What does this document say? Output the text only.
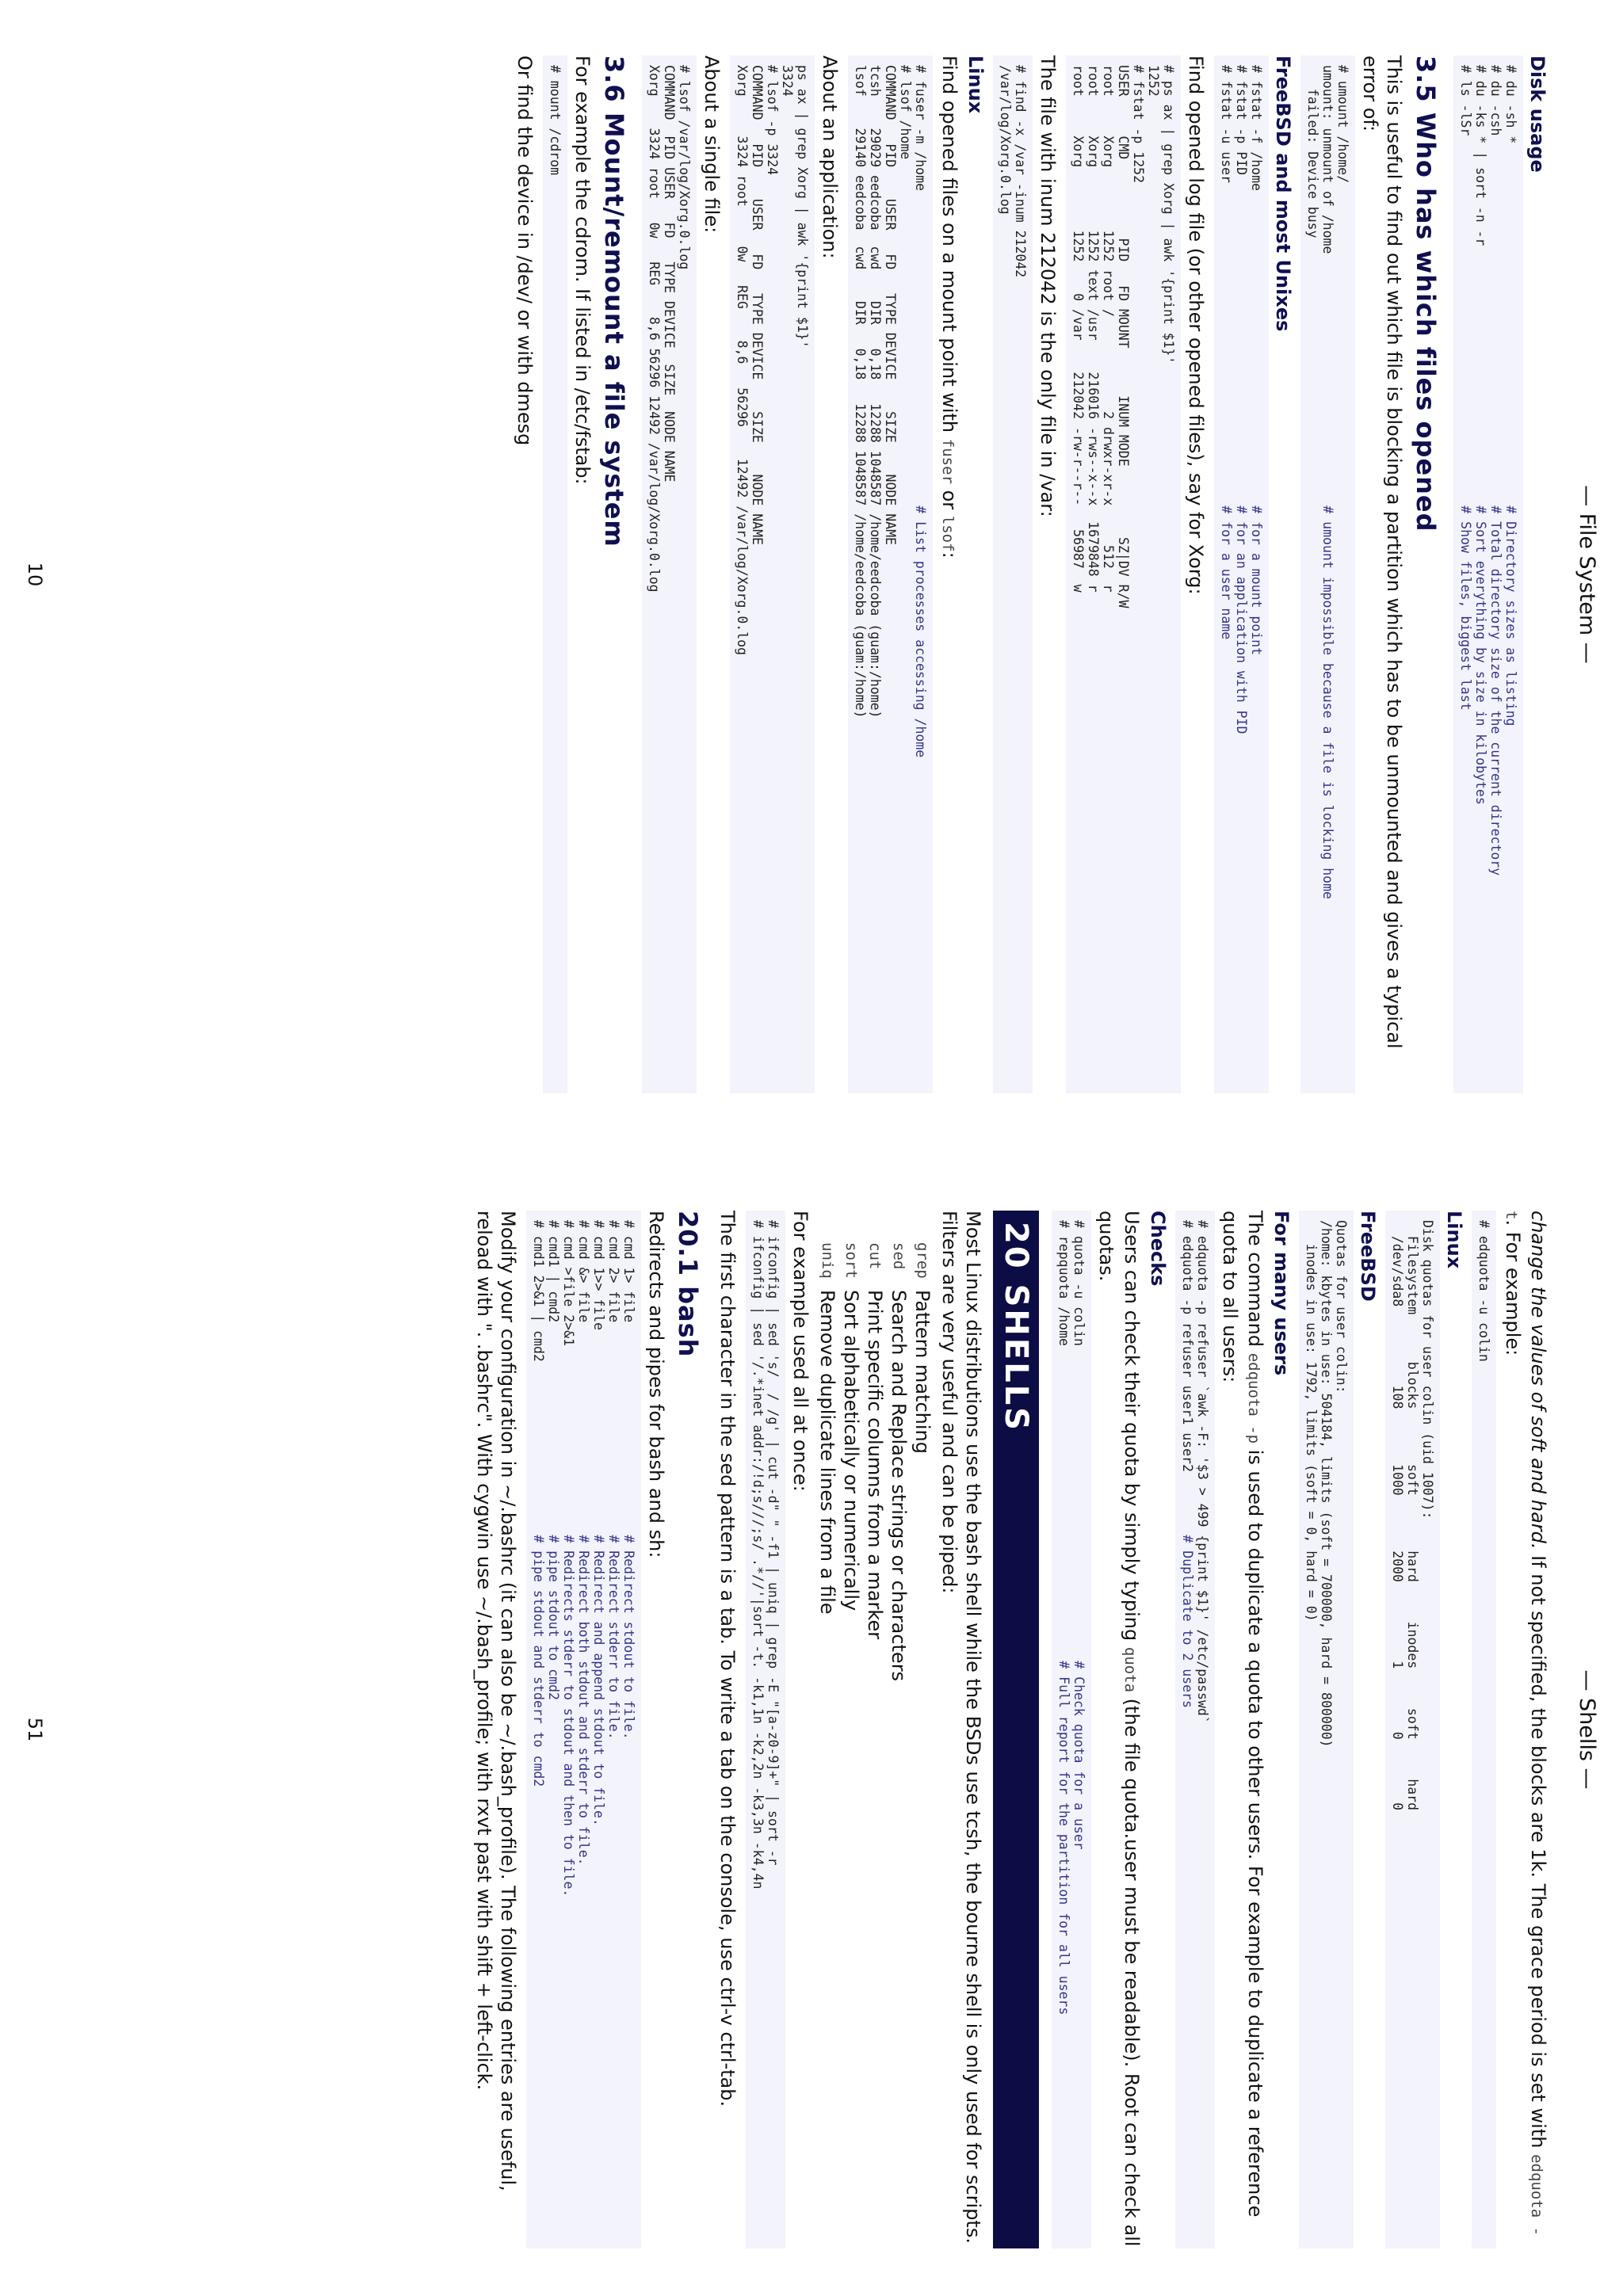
— File System —
Disk usage
# du -sh *                                              # Directory sizes as listing
# du -csh                                               # Total directory size of the current directory
# du -ks * | sort -n -r                                 # Sort everything by size in kilobytes
# ls -lSr                                               # Show files, biggest last
3.5 Who has which files opened

This is useful to find out which file is blocking a partition which has to be unmounted and gives a typical error of:

# umount /home/
umount: unmount of /home                                # umount impossible because a file is locking home
failed: Device busy
FreeBSD and most Unixes
# fstat -f /home                                        # for a mount point
# fstat -p PID                                          # for an application with PID
# fstat -u user                                         # for a user name

Find opened log file (or other opened files), say for Xorg:

# ps ax | grep Xorg | awk '{print $1}'
1252
# fstat -p 1252
USER     CMD          PID   FD MOUNT      INUM MODE         SZ|DV R/W
root     Xorg        1252 root /            2 drwxr-xr-x     512  r
root     Xorg        1252 text /usr    216016 -rws--x--x  1679848 r
root     Xorg        1252    0 /var    212042 -rw-r--r--   56987  w

The file with inum 212042 is the only file in /var:

# find -x /var -inum 212042
/var/log/Xorg.0.log
Linux

Find opened files on a mount point with fuser or lsof:

# fuser -m /home                                        # List processes accessing /home
# lsof /home
COMMAND   PID    USER   FD   TYPE DEVICE    SIZE    NODE NAME
tcsh    29029 eedcoba  cwd    DIR   0,18   12288 1048587 /home/eedcoba (guam:/home)
lsof    29140 eedcoba  cwd    DIR   0,18   12288 1048587 /home/eedcoba (guam:/home)

About an application:

ps ax | grep Xorg | awk '{print $1}'
3324
# lsof -p 3324
COMMAND   PID    USER   FD   TYPE DEVICE    SIZE    NODE NAME
Xorg     3324 root     0w   REG    8,6   56296    12492 /var/log/Xorg.0.log

About a single file:

# lsof /var/log/Xorg.0.log
COMMAND  PID USER   FD   TYPE DEVICE  SIZE  NODE NAME
Xorg    3324 root   0w   REG    8,6 56296 12492 /var/log/Xorg.0.log
3.6 Mount/remount a file system

For example the cdrom. If listed in /etc/fstab:

# mount /cdrom

Or find the device in /dev/ or with dmesg

10
— Shells —

change the values of soft and hard. If not specified, the blocks are 1k. The grace period is set with edquota -t. For example:

# edquota -u colin
Linux
Disk quotas for user colin (uid 1007):
Filesystem      blocks       soft       hard     inodes     soft     hard
/dev/sda8          108       1000       2000          1        0        0
FreeBSD
Quotas for user colin:
/home: kbytes in use: 504184, limits (soft = 700000, hard = 800000)
inodes in use: 1792, limits (soft = 0, hard = 0)
For many users

The command edquota -p is used to duplicate a quota to other users. For example to duplicate a reference quota to all users:

# edquota -p refuser `awk -F: '$3 > 499 {print $1}' /etc/passwd`
# edquota -p refuser user1 user2        # Duplicate to 2 users
Checks

Users can check their quota by simply typing quota (the file quota.user must be readable). Root can check all quotas.

# quota -u colin                                        # Check quota for a user
# repquota /home                                        # Full report for the partition for all users
20 SHELLS

Most Linux distributions use the bash shell while the BSDs use tcsh, the bourne shell is only used for scripts. Filters are very useful and can be piped:

grep
Pattern matching
sed
Search and Replace strings or characters
cut
Print specific columns from a marker
sort
Sort alphabetically or numerically
uniq
Remove duplicate lines from a file

For example used all at once:

# ifconfig | sed 's/  / /g' | cut -d" " -f1 | uniq | grep -E "[a-z0-9]+" | sort -r
# ifconfig | sed '/.*inet addr:/!d;s///;s/ .*//'|sort -t. -k1,1n -k2,2n -k3,3n -k4,4n

The first character in the sed pattern is a tab. To write a tab on the console, use ctrl-v ctrl-tab.

20.1 bash

Redirects and pipes for bash and sh:

# cmd 1> file                           # Redirect stdout to file.
# cmd 2> file                           # Redirect stderr to file.
# cmd 1>> file                          # Redirect and append stdout to file.
# cmd &> file                           # Redirect both stdout and stderr to file.
# cmd >file 2>&1                        # Redirects stderr to stdout and then to file.
# cmd1 | cmd2                           # pipe stdout to cmd2
# cmd1 2>&1 | cmd2                      # pipe stdout and stderr to cmd2

Modify your configuration in ~/.bashrc (it can also be ~/.bash_profile). The following entries are useful, reload with ". .bashrc". With cygwin use ~/.bash_profile; with rxvt past with shift + left-click.

51
